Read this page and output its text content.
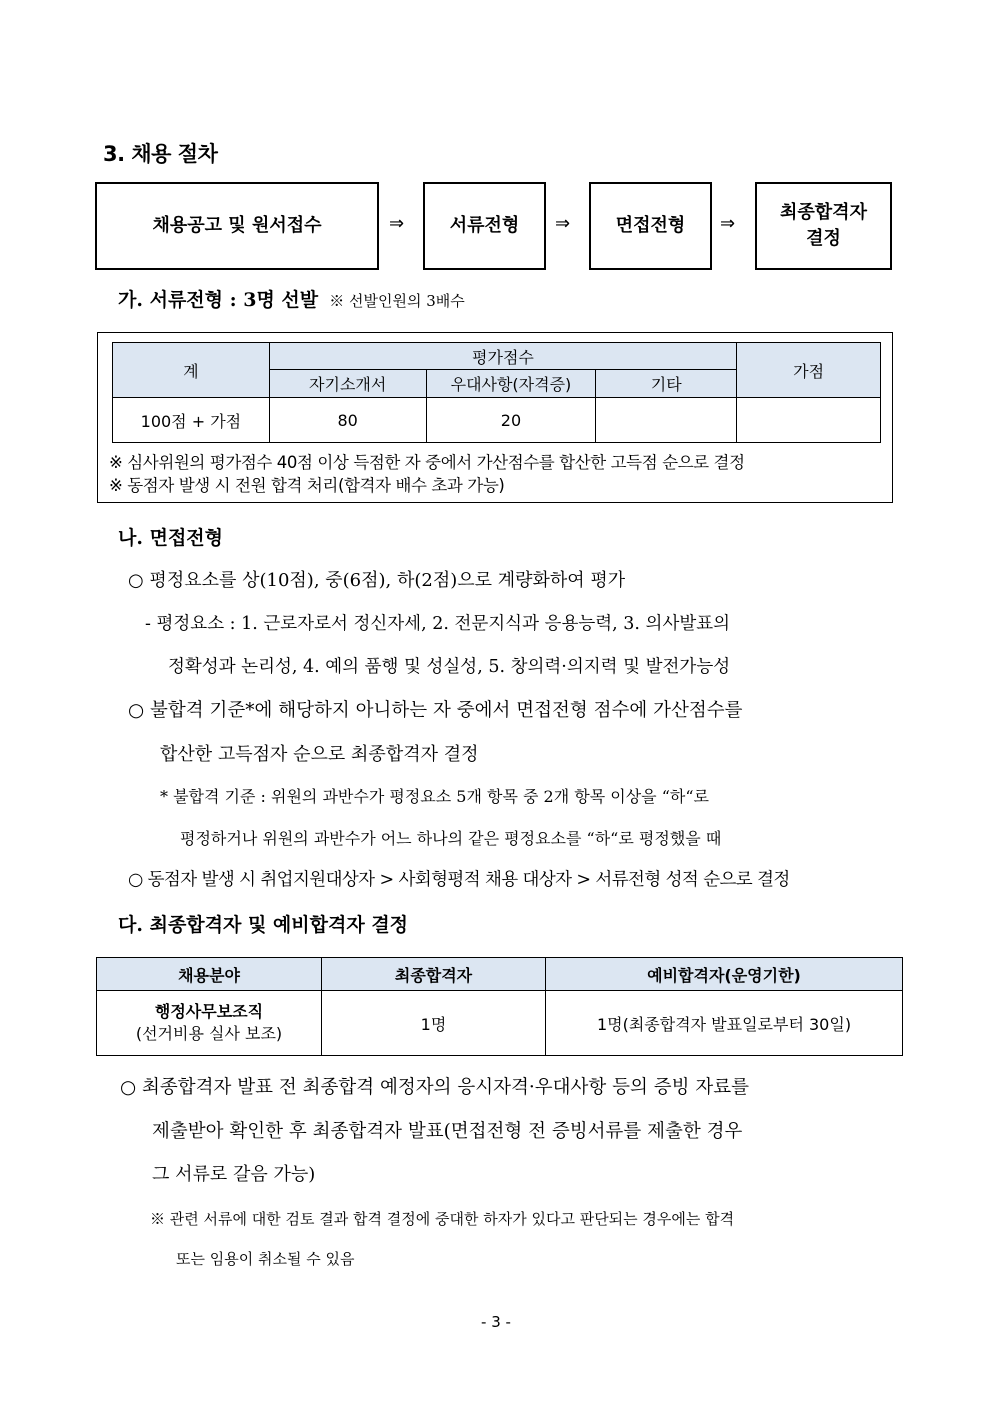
3. 채용 절차
채용공고 및 원서접수	⇒	서류전형 ⇒	면접전형 ⇒
최종합격자
결정
가. 서류전형 : 3명 선발 ※ 선발인원의 3배수
계	평가점수			가점
	자기소개서	우대사항(자격증)	기타	
100점 + 가점	80	20		
※ 심사위원의 평가점수 40점 이상 득점한 자 중에서 가산점수를 합산한 고득점 순으로 결정
※ 동점자 발생 시 전원 합격 처리(합격자 배수 초과 가능)
나. 면접전형
○ 평정요소를 상(10점), 중(6점), 하(2점)으로 계량화하여 평가
- 평정요소 : 1. 근로자로서 정신자세, 2. 전문지식과 응용능력, 3. 의사발표의
정확성과 논리성, 4. 예의 품행 및 성실성, 5. 창의력·의지력 및 발전가능성
○ 불합격 기준*에 해당하지 아니하는 자 중에서 면접전형 점수에 가산점수를
합산한 고득점자 순으로 최종합격자 결정
* 불합격 기준 : 위원의 과반수가 평정요소 5개 항목 중 2개 항목 이상을 “하“로
평정하거나 위원의 과반수가 어느 하나의 같은 평정요소를 “하“로 평정했을 때
○ 동점자 발생 시 취업지원대상자 > 사회형평적 채용 대상자 > 서류전형 성적 순으로 결정
다. 최종합격자 및 예비합격자 결정
채용분야	최종합격자	예비합격자(운영기한)

행정사무보조직
(선거비용 실사 보조)	1명	1명(최종합격자 발표일로부터 30일)
○ 최종합격자 발표 전 최종합격 예정자의 응시자격·우대사항 등의 증빙 자료를
제출받아 확인한 후 최종합격자 발표(면접전형 전 증빙서류를 제출한 경우
그 서류로 갈음 가능)
※ 관련 서류에 대한 검토 결과 합격 결정에 중대한 하자가 있다고 판단되는 경우에는 합격
또는 임용이 취소될 수 있음
- 3 -
